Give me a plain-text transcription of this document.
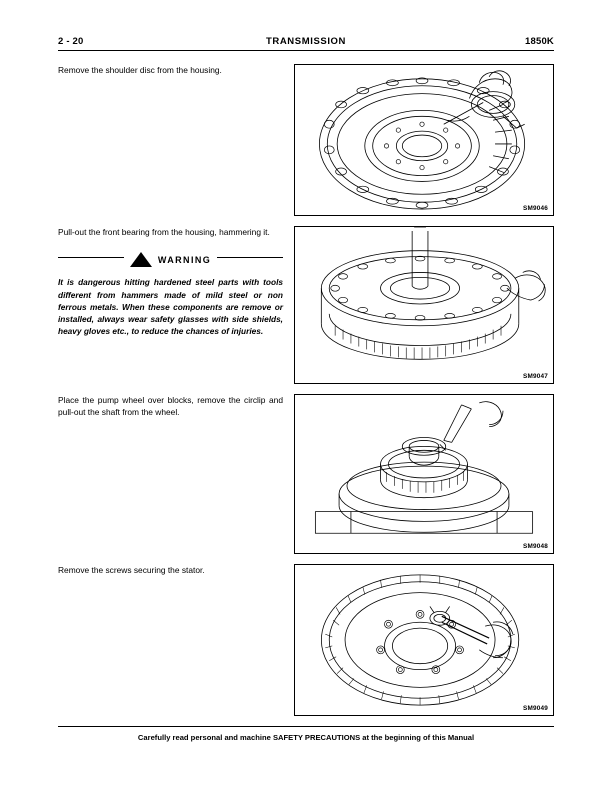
2 - 20	TRANSMISSION	1850K
Remove the shoulder disc from the housing.
SM9046
Pull-out the front bearing from the housing, hammering it.
WARNING
It is dangerous hitting hardened steel parts with tools different from hammers made of mild steel or non ferrous metals. When these components are remove or installed, always wear safety glasses with side shields, heavy gloves etc., to reduce the chances of injuries.
SM9047
Place the pump wheel over blocks, remove the circlip and pull-out the shaft from the wheel.
SM9048
Remove the screws securing the stator.
SM9049
Carefully read personal and machine SAFETY PRECAUTIONS at the beginning of this Manual
